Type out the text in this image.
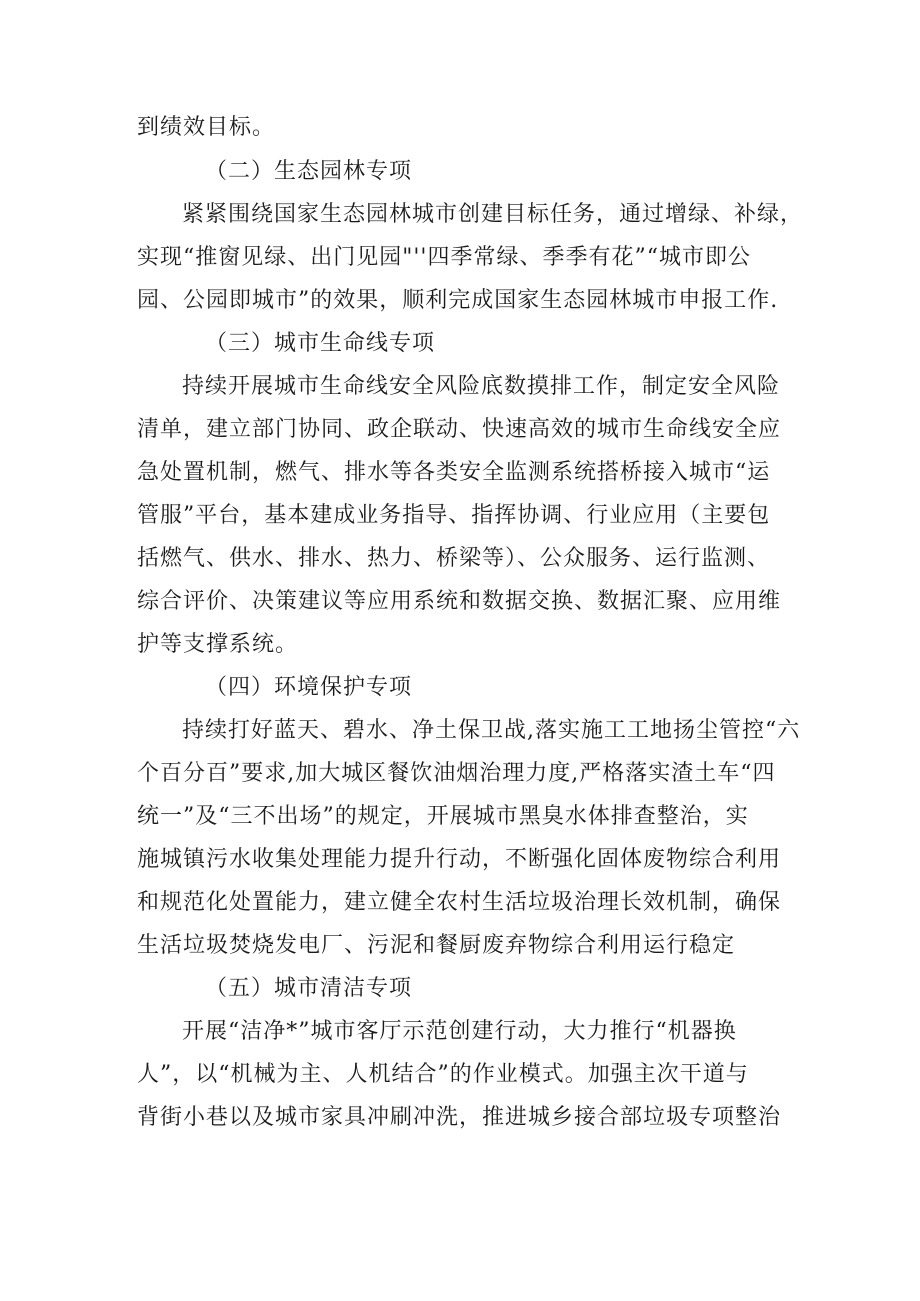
到绩效目标。
（二）生态园林专项
紧紧围绕国家生态园林城市创建目标任务，通过增绿、补绿，
实现“推窗见绿、出门见园"''四季常绿、季季有花”“城市即公
园、公园即城市”的效果，顺利完成国家生态园林城市申报工作.
（三）城市生命线专项
持续开展城市生命线安全风险底数摸排工作，制定安全风险
清单，建立部门协同、政企联动、快速高效的城市生命线安全应
急处置机制，燃气、排水等各类安全监测系统搭桥接入城市“运
管服”平台，基本建成业务指导、指挥协调、行业应用（主要包
括燃气、供水、排水、热力、桥梁等）、公众服务、运行监测、
综合评价、决策建议等应用系统和数据交换、数据汇聚、应用维
护等支撑系统。
（四）环境保护专项
持续打好蓝天、碧水、净土保卫战,落实施工工地扬尘管控“六
个百分百”要求,加大城区餐饮油烟治理力度,严格落实渣土车“四
统一”及“三不出场”的规定，开展城市黑臭水体排查整治，实
施城镇污水收集处理能力提升行动，不断强化固体废物综合利用
和规范化处置能力，建立健全农村生活垃圾治理长效机制，确保
生活垃圾焚烧发电厂、污泥和餐厨废弃物综合利用运行稳定
（五）城市清洁专项
开展“洁净*”城市客厅示范创建行动，大力推行“机器换
人”，以“机械为主、人机结合”的作业模式。加强主次干道与
背街小巷以及城市家具冲刷冲洗，推进城乡接合部垃圾专项整治
